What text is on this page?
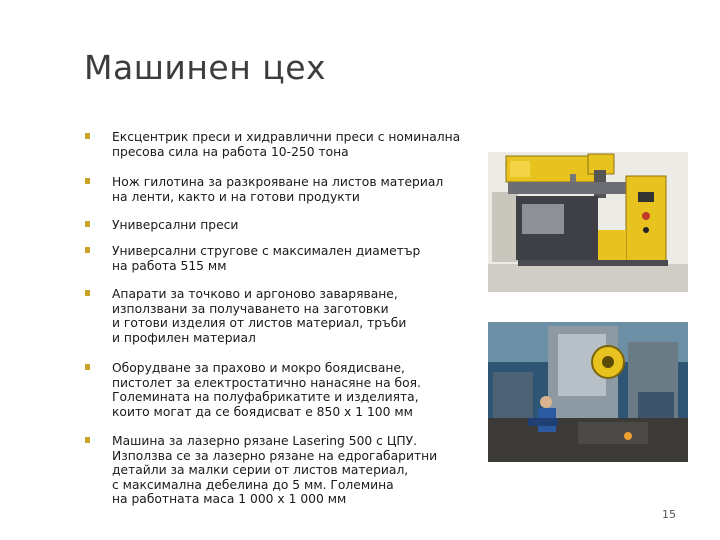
Машинен цех
Ексцентрик преси и хидравлични преси с номинална
пресова сила на работа 10-250 тона
Нож гилотина за разкрояване на листов материал
на ленти, както и на готови продукти
Универсални преси
Универсални стругове с максимален диаметър
на работа 515 мм
Апарати за точково и аргоново заваряване,
използвани за получаването на заготовки
и готови изделия от листов материал, тръби
и профилен материал
Оборудване за прахово и мокро боядисване,
пистолет за електростатично нанасяне на боя.
Големината на полуфабрикатите и изделията,
които могат да се боядисват е 850 х 1 100 мм
Машина за лазерно рязане Lasering 500 с ЦПУ.
Използва се за лазерно рязане на едрогабаритни
детайли за малки серии от листов материал,
с максимална дебелина до 5 мм. Големина
на работната маса 1 000 х 1 000 мм
15
